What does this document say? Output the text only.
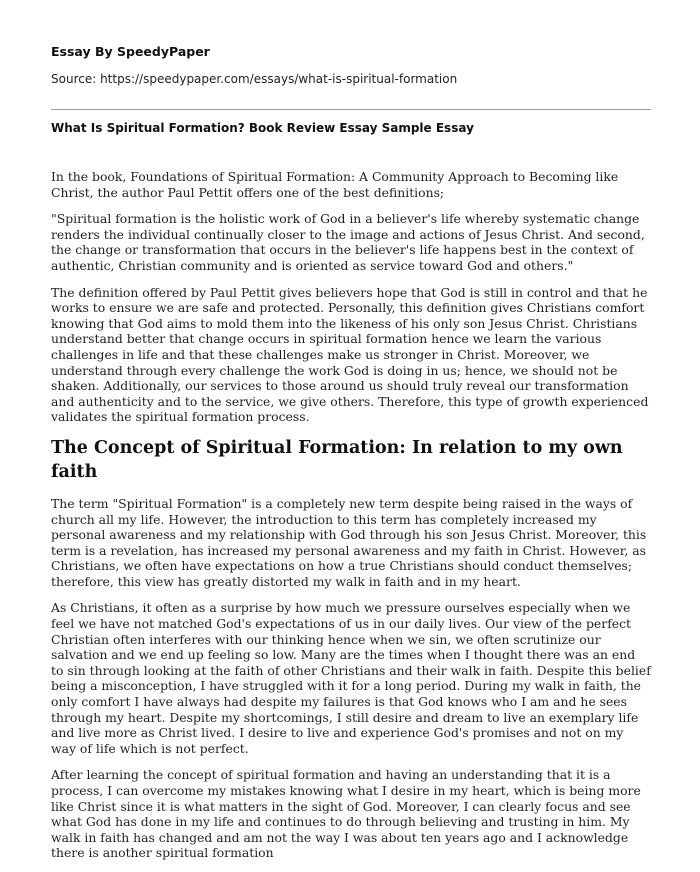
Essay By SpeedyPaper
Source: https://speedypaper.com/essays/what-is-spiritual-formation
What Is Spiritual Formation? Book Review Essay Sample Essay

In the book, Foundations of Spiritual Formation: A Community Approach to Becoming like Christ, the author Paul Pettit offers one of the best definitions;

"Spiritual formation is the holistic work of God in a believer's life whereby systematic change renders the individual continually closer to the image and actions of Jesus Christ. And second, the change or transformation that occurs in the believer's life happens best in the context of authentic, Christian community and is oriented as service toward God and others."

The definition offered by Paul Pettit gives believers hope that God is still in control and that he works to ensure we are safe and protected. Personally, this definition gives Christians comfort knowing that God aims to mold them into the likeness of his only son Jesus Christ. Christians understand better that change occurs in spiritual formation hence we learn the various challenges in life and that these challenges make us stronger in Christ. Moreover, we understand through every challenge the work God is doing in us; hence, we should not be shaken. Additionally, our services to those around us should truly reveal our transformation and authenticity and to the service, we give others. Therefore, this type of growth experienced validates the spiritual formation process.

The Concept of Spiritual Formation: In relation to my own faith

The term "Spiritual Formation" is a completely new term despite being raised in the ways of church all my life. However, the introduction to this term has completely increased my personal awareness and my relationship with God through his son Jesus Christ. Moreover, this term is a revelation, has increased my personal awareness and my faith in Christ. However, as Christians, we often have expectations on how a true Christians should conduct themselves; therefore, this view has greatly distorted my walk in faith and in my heart.

As Christians, it often as a surprise by how much we pressure ourselves especially when we feel we have not matched God's expectations of us in our daily lives. Our view of the perfect Christian often interferes with our thinking hence when we sin, we often scrutinize our salvation and we end up feeling so low. Many are the times when I thought there was an end to sin through looking at the faith of other Christians and their walk in faith. Despite this belief being a misconception, I have struggled with it for a long period. During my walk in faith, the only comfort I have always had despite my failures is that God knows who I am and he sees through my heart. Despite my shortcomings, I still desire and dream to live an exemplary life and live more as Christ lived. I desire to live and experience God's promises and not on my way of life which is not perfect.

After learning the concept of spiritual formation and having an understanding that it is a process, I can overcome my mistakes knowing what I desire in my heart, which is being more like Christ since it is what matters in the sight of God. Moreover, I can clearly focus and see what God has done in my life and continues to do through believing and trusting in him. My walk in faith has changed and am not the way I was about ten years ago and I acknowledge there is another spiritual formation
